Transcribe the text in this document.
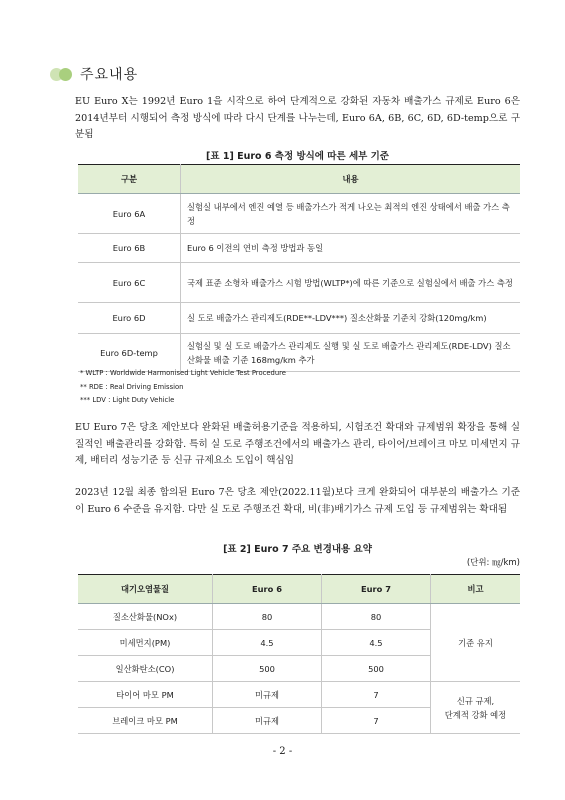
주요내용
EU Euro X는 1992년 Euro 1을 시작으로 하여 단계적으로 강화된 자동차 배출가스 규제로 Euro 6은 2014년부터 시행되어 측정 방식에 따라 다시 단계를 나누는데, Euro 6A, 6B, 6C, 6D, 6D-temp으로 구분됨
[표 1] Euro 6 측정 방식에 따른 세부 기준
구분	내용
Euro 6A	실험실 내부에서 엔진 예열 등 배출가스가 적게 나오는 최적의 엔진 상태에서 배출 가스 측정
Euro 6B	Euro 6 이전의 연비 측정 방법과 동일
Euro 6C	국제 표준 소형차 배출가스 시험 방법(WLTP*)에 따른 기준으로 실험실에서 배출 가스 측정
Euro 6D	실 도로 배출가스 관리제도(RDE**-LDV***) 질소산화물 기준치 강화(120mg/km)
Euro 6D-temp	실험실 및 실 도로 배출가스 관리제도 실행 및 실 도로 배출가스 관리제도(RDE-LDV) 질소산화물 배출 기준 168mg/km 추가
* WLTP : Worldwide Harmonised Light Vehicle Test Procedure
** RDE : Real Driving Emission
*** LDV : Light Duty Vehicle
EU Euro 7은 당초 제안보다 완화된 배출허용기준을 적용하되, 시험조건 확대와 규제범위 확장을 통해 실질적인 배출관리를 강화함. 특히 실 도로 주행조건에서의 배출가스 관리, 타이어/브레이크 마모 미세먼지 규제, 배터리 성능기준 등 신규 규제요소 도입이 핵심임
2023년 12월 최종 합의된 Euro 7은 당초 제안(2022.11월)보다 크게 완화되어 대부분의 배출가스 기준이 Euro 6 수준을 유지함. 다만 실 도로 주행조건 확대, 비(非)배기가스 규제 도입 등 규제범위는 확대됨
[표 2] Euro 7 주요 변경내용 요약
(단위: ㎎/km)
대기오염물질	Euro 6	Euro 7	비고
질소산화물(NOx)	80	80	기준 유지
미세먼지(PM)	4.5	4.5	
일산화탄소(CO)	500	500	
타이어 마모 PM	미규제	7	신규 규제,
단계적 강화 예정

브레이크 마모 PM	미규제	7	
- 2 -
